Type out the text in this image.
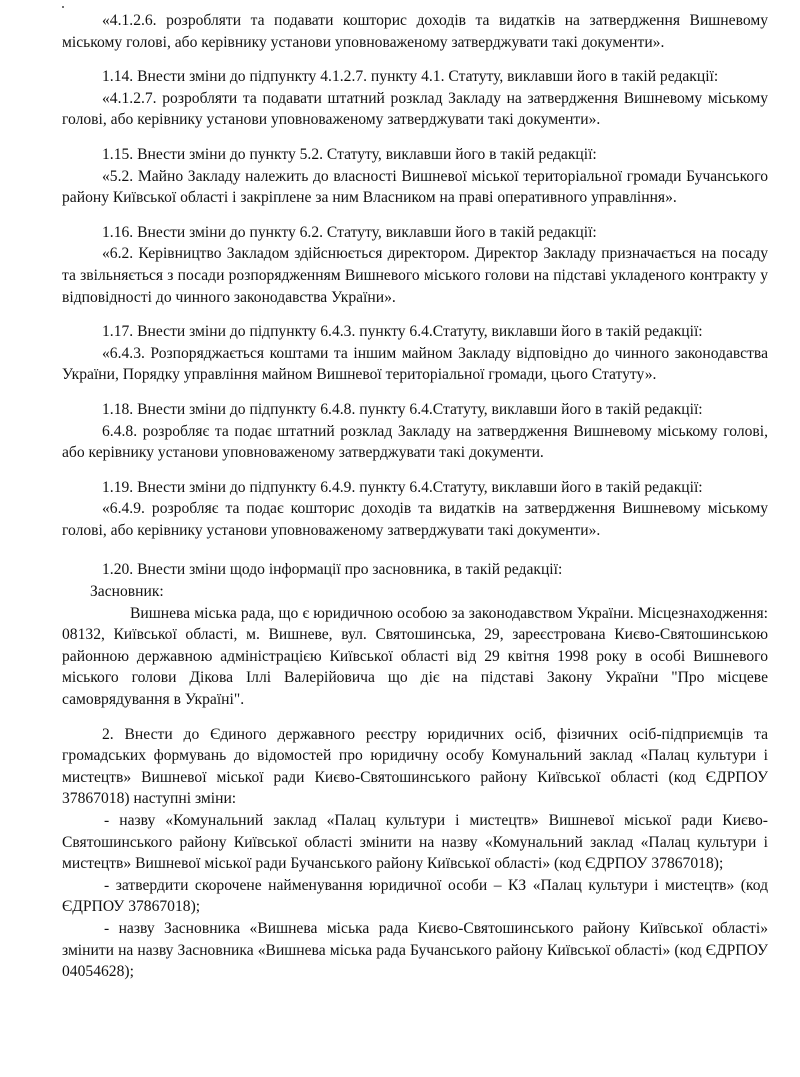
«4.1.2.6. розробляти та подавати кошторис доходів та видатків на затвердження Вишневому міському голові, або керівнику установи уповноваженому затверджувати такі документи».

1.14. Внести зміни до підпункту 4.1.2.7. пункту 4.1. Статуту, виклавши його в такій редакції:

«4.1.2.7. розробляти та подавати штатний розклад Закладу на затвердження Вишневому міському голові, або керівнику установи уповноваженому затверджувати такі документи».

1.15. Внести зміни до пункту 5.2. Статуту, виклавши його в такій редакції:

«5.2. Майно Закладу належить до власності Вишневої міської територіальної громади Бучанського району Київської області і закріплене за ним Власником на праві оперативного управління».

1.16. Внести зміни до пункту 6.2. Статуту, виклавши його в такій редакції:

«6.2. Керівництво Закладом здійснюється директором. Директор Закладу призначається на посаду та звільняється з посади розпорядженням Вишневого міського голови на підставі укладеного контракту у відповідності до чинного законодавства України».

1.17. Внести зміни до підпункту 6.4.3. пункту 6.4.Статуту, виклавши його в такій редакції:

«6.4.3. Розпоряджається коштами та іншим майном Закладу відповідно до чинного законодавства України, Порядку управління майном Вишневої територіальної громади, цього Статуту».

1.18. Внести зміни до підпункту 6.4.8. пункту 6.4.Статуту, виклавши його в такій редакції:

6.4.8. розробляє та подає штатний розклад Закладу на затвердження Вишневому міському голові, або керівнику установи уповноваженому затверджувати такі документи.

1.19. Внести зміни до підпункту 6.4.9. пункту 6.4.Статуту, виклавши його в такій редакції:

«6.4.9. розробляє та подає кошторис доходів та видатків на затвердження Вишневому міському голові, або керівнику установи уповноваженому затверджувати такі документи».

1.20. Внести зміни щодо інформації про засновника, в такій редакції:

Засновник:

Вишнева міська рада, що є юридичною особою за законодавством України. Місцезнаходження: 08132, Київської області, м. Вишневе, вул. Святошинська, 29, зареєстрована Києво-Святошинською районною державною адміністрацією Київської області від 29 квітня 1998 року в особі Вишневого міського голови Дікова Іллі Валерійовича що діє на підставі Закону України "Про місцеве самоврядування в Україні".

2. Внести до Єдиного державного реєстру юридичних осіб, фізичних осіб-підприємців та громадських формувань до відомостей про юридичну особу Комунальний заклад «Палац культури і мистецтв» Вишневої міської ради Києво-Святошинського району Київської області (код ЄДРПОУ 37867018) наступні зміни:

- назву «Комунальний заклад «Палац культури і мистецтв» Вишневої міської ради Києво-Святошинського району Київської області змінити на назву «Комунальний заклад «Палац культури і мистецтв» Вишневої міської ради Бучанського району Київської області» (код ЄДРПОУ 37867018);

- затвердити скорочене найменування юридичної особи – КЗ «Палац культури і мистецтв» (код ЄДРПОУ 37867018);

- назву Засновника «Вишнева міська рада Києво-Святошинського району Київської області» змінити на назву Засновника «Вишнева міська рада Бучанського району Київської області» (код ЄДРПОУ 04054628);
